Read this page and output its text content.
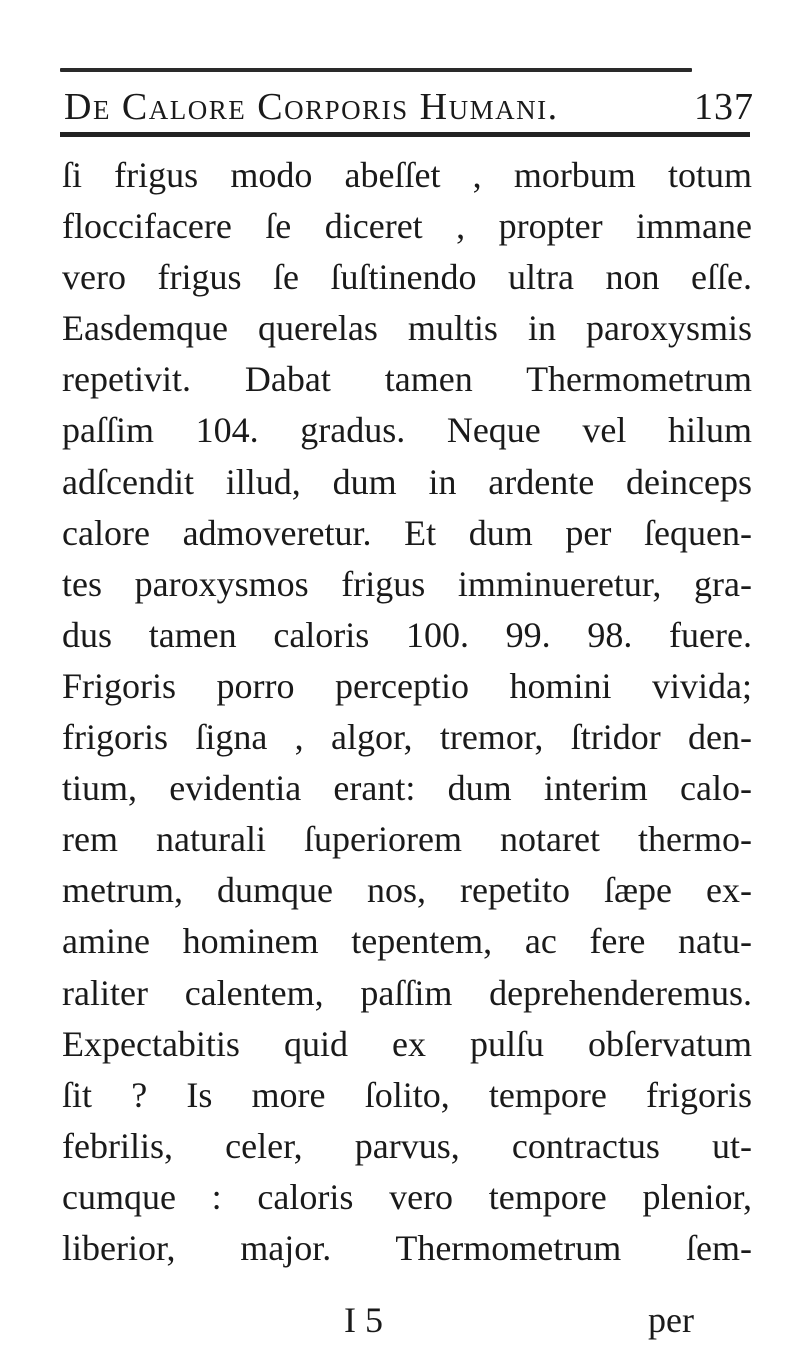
De Calore Corporis Humani.	137
ſi frigus modo abeſſet , morbum totum
floccifacere ſe diceret , propter immane
vero frigus ſe ſuſtinendo ultra non eſſe.
Easdemque querelas multis in paroxysmis
repetivit. Dabat tamen Thermometrum
paſſim 104. gradus. Neque vel hilum
adſcendit illud, dum in ardente deinceps
calore admoveretur. Et dum per ſequen-
tes paroxysmos frigus imminueretur, gra-
dus tamen caloris 100. 99. 98. fuere.
Frigoris porro perceptio homini vivida;
frigoris ſigna , algor, tremor, ſtridor den-
tium, evidentia erant: dum interim calo-
rem naturali ſuperiorem notaret thermo-
metrum, dumque nos, repetito ſæpe ex-
amine hominem tepentem, ac fere natu-
raliter calentem, paſſim deprehenderemus.
Expectabitis quid ex pulſu obſervatum
ſit ? Is more ſolito, tempore frigoris
febrilis, celer, parvus, contractus ut-
cumque : caloris vero tempore plenior,
liberior, major. Thermometrum ſem-
I 5	per
